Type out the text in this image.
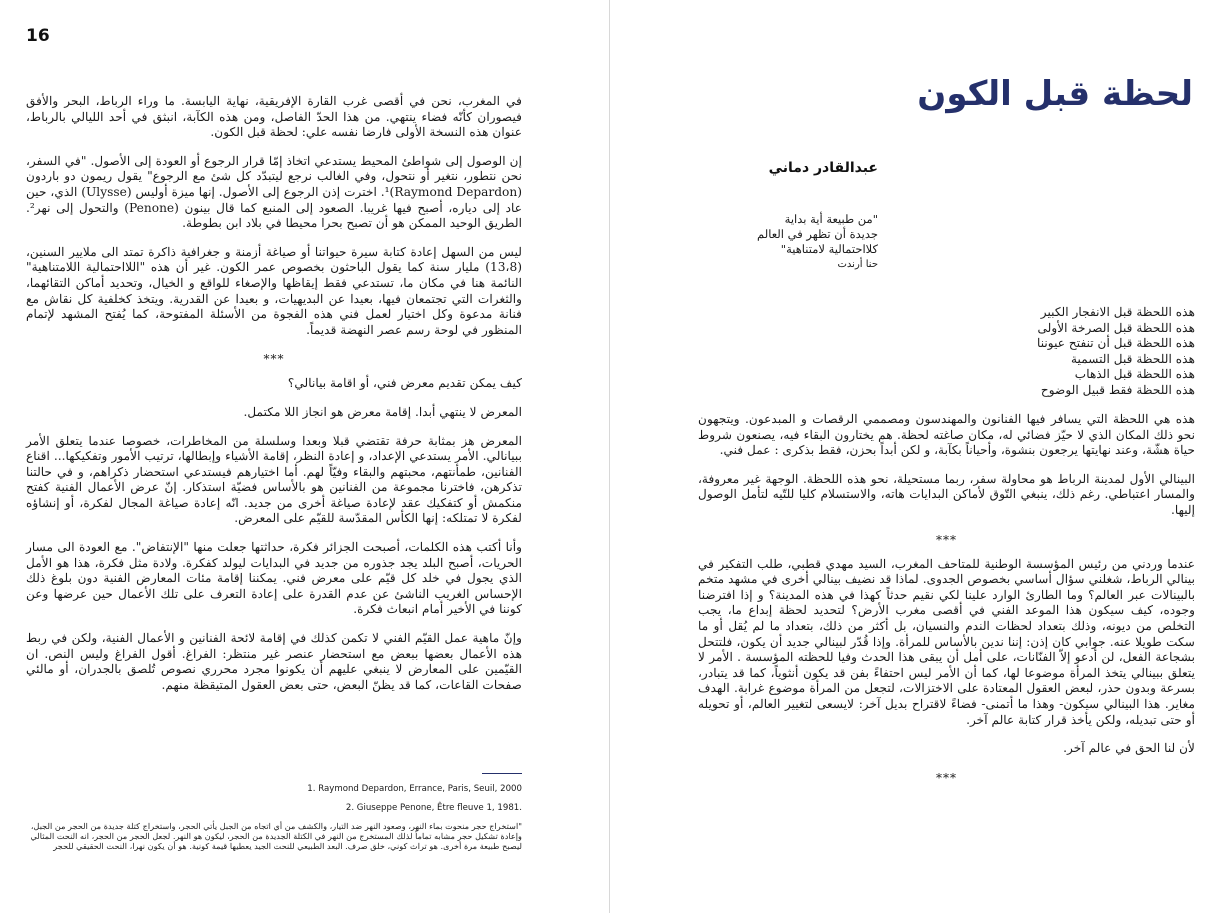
16

في المغرب، نحن في أقصى غرب القارة الإفريقية، نهاية اليابسة. ما وراء الرباط، البحر والأفق فيصوران كأنّه فضاء ينتهي. من هذا الحدّ الفاصل، ومن هذه الكآبة، انبثق في أحد الليالي بالرباط، عنوان هذه النسخة الأولى فارضا نفسه علي: لحظة قبل الكون.

إن الوصول إلى شواطئ المحيط يستدعي اتخاذ إمّا قرار الرجوع أو العودة إلى الأصول. "في السفر، نحن نتطور، نتغير أو نتحول، وفي الغالب نرجع ليتبدّد كل شئ مع الرجوع" يقول ريمون دو باردون (Raymond Depardon)¹. اخترت إذن الرجوع إلى الأصول. إنها ميزة أوليس (Ulysse) الذي، حين عاد إلى دياره، أصبح فيها غريبا. الصعود إلى المنبع كما قال بينون (Penone) والتحول إلى نهر². الطريق الوحيد الممكن هو أن تصبح بحرا محيطا في بلاد ابن بطوطة.

ليس من السهل إعادة كتابة سيرة حيواتنا أو صياغة أزمنة و جغرافية ذاكرة تمتد الى ملايير السنين، (13،8) مليار سنة كما يقول الباحثون بخصوص عمر الكون. غير أن هذه "اللااحتمالية اللامتناهية" النائمة هنا في مكان ما، تستدعي فقط إيقاظها والإصغاء للواقع و الخيال، وتحديد أماكن التقائهما، والثغرات التي تجتمعان فيها، بعيدا عن البديهيات، و بعيدا عن القدرية. ويتخذ كخلفية كل نقاش مع فنانة مدعوة وكل اختيار لعمل فني هذه الفجوة من الأسئلة المفتوحة، كما يُفتح المشهد لإتمام المنظور في لوحة رسم عصر النهضة قديماً.

***

كيف يمكن تقديم معرض فني، أو اقامة بيانالي؟

المعرض لا ينتهي أبدا. إقامة معرض هو انجاز اللا مكتمل.

المعرض هز بمثابة حرفة تقتضي قبلا وبعدا وسلسلة من المخاطرات، خصوصا عندما يتعلق الأمر ببيانالي. الأمر يستدعي الإعداد، و إعادة النظر، إقامة الأشياء وإبطالها، ترتيب الأمور وتفكيكها... اقناع الفنانين، طمأنتهم، محبتهم والبقاء وفيّاً لهم. أما اختيارهم فيستدعي استحضار ذكراهم، و في حالتنا تذكرهن، فاخترنا مجموعة من الفنانين هو بالأساس فضيّة استذكار. إنّ عرض الأعمال الفنية كفتح منكمش أو كتفكيك عقد لإعادة صياغة أخرى من جديد. انّه إعادة صياغة المجال لفكرة، أو إنشاؤه لفكرة لا تمتلكه: إنها الكأس المقدّسة للقيّم على المعرض.

وأنا أكتب هذه الكلمات، أصبحت الجزائر فكرة، حداثتها جعلت منها "الإنتفاض". مع العودة الى مسار الحريات، أصبح البلد يجد جذوره من جديد في البدايات ليولد كفكرة. ولادة مثل فكرة، هذا هو الأمل الذي يجول في خلد كل قيّم على معرض فني. يمكننا إقامة مئات المعارض الفنية دون بلوغ ذلك الإحساس الغريب الناشئ عن عدم القدرة على إعادة التعرف على تلك الأعمال حين عرضها وعن كوننا في الأخير أمام انبعاث فكرة.

وإنّ ماهية عمل القيّم الفني لا تكمن كذلك في إقامة لائحة الفنانين و الأعمال الفنية، ولكن في ربط هذه الأعمال بعضها ببعض مع استحضار عنصر غير منتظر: الفراغ. أقول الفراغ وليس النص. ان القيّمين على المعارض لا ينبغي عليهم أن يكونوا مجرد محرري نصوص تُلصق بالجدران، أو مالئي صفحات القاعات، كما قد يظنّ البعض، حتى بعض العقول المتيقظة منهم.

1. Raymond Depardon, Errance, Paris, Seuil, 2000
2. Giuseppe Penone, Être fleuve 1, 1981.
"استخراج حجر منحوت بماء النهر، وصعود النهر ضد التيار، والكشف من أي اتجاه من الجبل يأتي الحجر، واستخراج كتلة جديدة من الحجر من الجبل، وإعادة تشكيل حجر مشابه تماماً لذلك المستخرج من النهر في الكتلة الجديدة من الحجر، ليكون هو النهر. لجعل الحجر من الحجر، انه النحت المثالي ليصبح طبيعة مرة أخرى. هو تراث كوني، خلق صرف. البعد الطبيعي للنحت الجيد يعطيها قيمة كونية. هو أن يكون نهرا، النحت الحقيقي للحجر
لحظة قبل الكون
عبدالقادر دماني
"من طبيعة أية بداية
جديدة أن تظهر في العالم
كلااحتمالية لامتناهية"
حنا أرندت
هذه اللحظة قبل الانفجار الكبير
هذه اللحظة قبل الصرخة الأولى
هذه اللحظة قبل أن تنفتح عيوننا
هذه اللحظة قبل التسمية
هذه اللحظة قبل الذهاب
هذه اللحظة فقط قبيل الوضوح

هذه هي اللحظة التي يسافر فيها الفنانون والمهندسون ومصممي الرقصات و المبدعون. ويتجهون نحو ذلك المكان الذي لا حيّز فضائي له، مكان صاغته لحظة. هم يختارون البقاء فيه، يصنعون شروط حياة هشّة، وعند نهايتها يرجعون بنشوة، وأحياناً بكآبة، و لكن أبداً بحزن، فقط بذكرى : عمل فني.

البينالي الأول لمدينة الرباط هو محاولة سفر، ربما مستحيلة، نحو هذه اللحظة. الوجهة غير معروفة، والمسار اعتباطي. رغم ذلك، ينبغي التّوق لأماكن البدايات هاته، والاستسلام كليا للتّيه لتأمل الوصول إليها.

***

عندما وردني من رئيس المؤسسة الوطنية للمتاحف المغرب، السيد مهدي قطبي، طلب التفكير في بينالي الرباط، شغلني سؤال أساسي بخصوص الجدوى. لماذا قد نضيف بينالي أخرى في مشهد متخم بالبينالات عبر العالم؟ وما الطارئ الوارد علينا لكي نقيم حدثاً كهذا في هذه المدينة؟ و إذا افترضنا وجوده، كيف سيكون هذا الموعد الفني في أقصى مغرب الأرض؟ لتحديد لحظة إبداع ما، يجب التخلص من ديونه، وذلك بتعداد لحظات الندم والنسيان، بل أكثر من ذلك، بتعداد ما لم يُقل أو ما سكت طويلا عنه. جوابي كان إذن: إننا ندين بالأساس للمرأة. وإذا قُدّر لبينالي جديد أن يكون، فلتتحل بشجاعة الفعل، لن أدعو إلاّ الفنّانات، على أمل أن يبقى هذا الحدث وفيا للحظته المؤسسة . الأمر لا يتعلق ببينالي يتخذ المرأة موضوعا لها، كما أن الأمر ليس احتفاءً بفن قد يكون أنثوياً، كما قد يتبادر، بسرعة وبدون حذر، لبعض العقول المعتادة على الاختزالات، لتجعل من المرأة موضوع غرابة. الهدف مغاير. هذا البينالي سيكون- وهذا ما أتمنى- فضاءً لاقتراح بديل آخر: لايسعى لتغيير العالم، أو تحويله أو حتى تبديله، ولكن يأخذ قرار كتابة عالم آخر.

لأن لنا الحق في عالم آخر.

***
